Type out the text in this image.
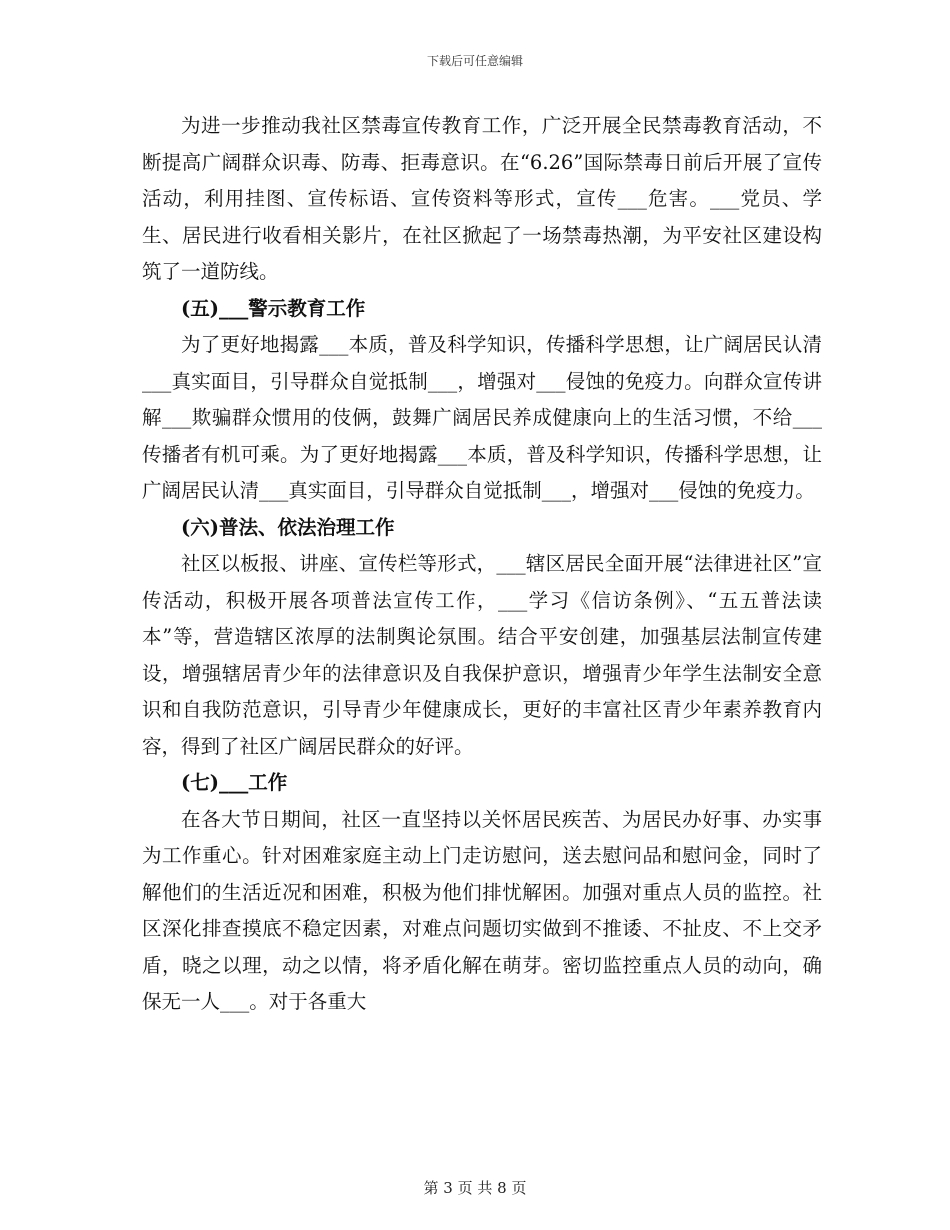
下载后可任意编辑

为进一步推动我社区禁毒宣传教育工作，广泛开展全民禁毒教育活动，不断提高广阔群众识毒、防毒、拒毒意识。在“6.26”国际禁毒日前后开展了宣传活动，利用挂图、宣传标语、宣传资料等形式，宣传___危害。___党员、学生、居民进行收看相关影片，在社区掀起了一场禁毒热潮，为平安社区建设构筑了一道防线。

(五)___警示教育工作

为了更好地揭露___本质，普及科学知识，传播科学思想，让广阔居民认清___真实面目，引导群众自觉抵制___，增强对___侵蚀的免疫力。向群众宣传讲解___欺骗群众惯用的伎俩，鼓舞广阔居民养成健康向上的生活习惯，不给___传播者有机可乘。为了更好地揭露___本质，普及科学知识，传播科学思想，让广阔居民认清___真实面目，引导群众自觉抵制___，增强对___侵蚀的免疫力。

(六)普法、依法治理工作

社区以板报、讲座、宣传栏等形式，___辖区居民全面开展“法律进社区”宣传活动，积极开展各项普法宣传工作，___学习《信访条例》、“五五普法读本”等，营造辖区浓厚的法制舆论氛围。结合平安创建，加强基层法制宣传建设，增强辖居青少年的法律意识及自我保护意识，增强青少年学生法制安全意识和自我防范意识，引导青少年健康成长，更好的丰富社区青少年素养教育内容，得到了社区广阔居民群众的好评。

(七)___工作

在各大节日期间，社区一直坚持以关怀居民疾苦、为居民办好事、办实事为工作重心。针对困难家庭主动上门走访慰问，送去慰问品和慰问金，同时了解他们的生活近况和困难，积极为他们排忧解困。加强对重点人员的监控。社区深化排查摸底不稳定因素，对难点问题切实做到不推诿、不扯皮、不上交矛盾，晓之以理，动之以情，将矛盾化解在萌芽。密切监控重点人员的动向，确保无一人___。对于各重大

第 3 页 共 8 页
